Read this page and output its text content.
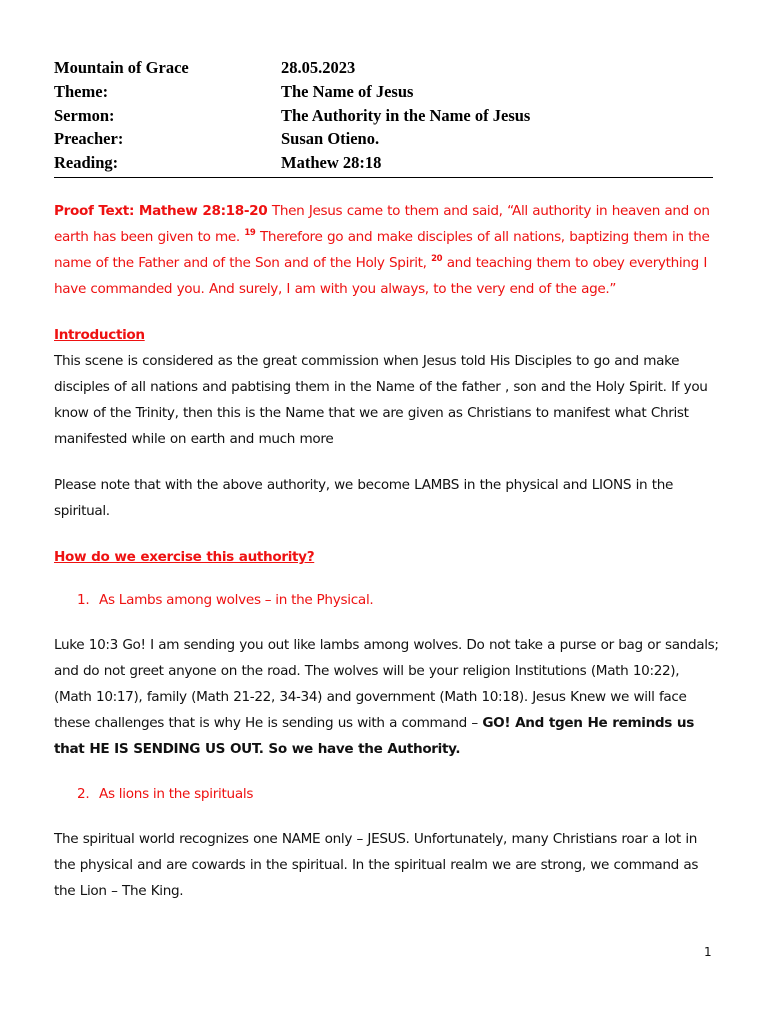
Mountain of Grace	28.05.2023
Theme:	The Name of Jesus
Sermon:	The Authority in the Name of Jesus
Preacher:	Susan Otieno.
Reading:	Mathew 28:18

Proof Text: Mathew 28:18-20 Then Jesus came to them and said, “All authority in heaven and on earth has been given to me. $^{19}$ Therefore go and make disciples of all nations, baptizing them in the name of the Father and of the Son and of the Holy Spirit, $^{20}$ and teaching them to obey everything I have commanded you. And surely, I am with you always, to the very end of the age.”

Introduction

This scene is considered as the great commission when Jesus told His Disciples to go and make disciples of all nations and pabtising them in the Name of the father , son and the Holy Spirit. If you know of the Trinity, then this is the Name that we are given as Christians to manifest what Christ manifested while on earth and much more

Please note that with the above authority, we become LAMBS in the physical and LIONS in the spiritual.

How do we exercise this authority?
1. As Lambs among wolves – in the Physical.

Luke 10:3 Go! I am sending you out like lambs among wolves. Do not take a purse or bag or sandals; and do not greet anyone on the road. The wolves will be your religion Institutions (Math 10:22), (Math 10:17), family (Math 21-22, 34-34) and government (Math 10:18). Jesus Knew we will face these challenges that is why He is sending us with a command – GO! And tgen He reminds us that HE IS SENDING US OUT. So we have the Authority.

2. As lions in the spirituals

The spiritual world recognizes one NAME only – JESUS. Unfortunately, many Christians roar a lot in the physical and are cowards in the spiritual. In the spiritual realm we are strong, we command as the Lion – The King.

1
